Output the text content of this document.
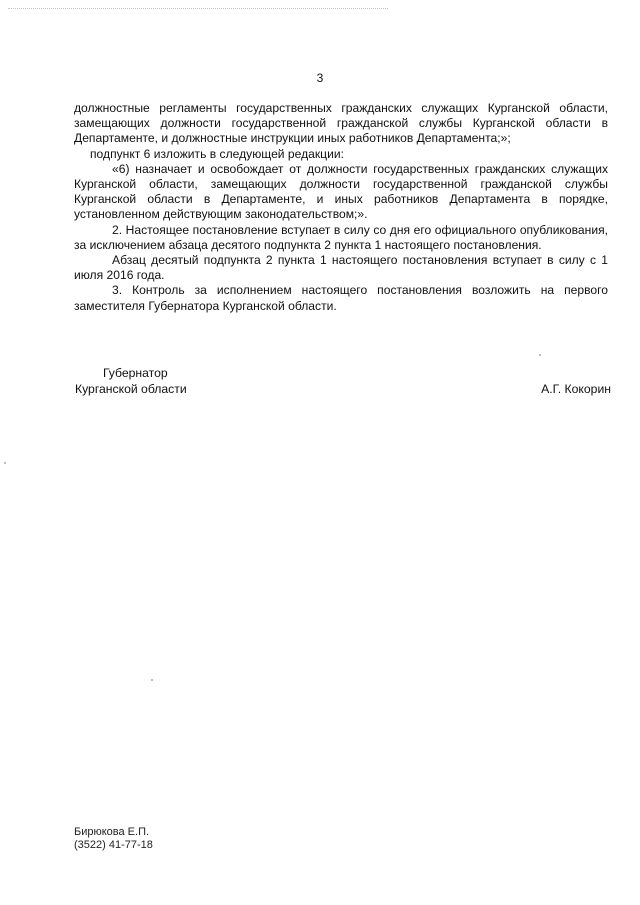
3

должностные регламенты государственных гражданских служащих Курганской области, замещающих должности государственной гражданской службы Курганской области в Департаменте, и должностные инструкции иных работников Департамента;»;

подпункт 6 изложить в следующей редакции:

«6) назначает и освобождает от должности государственных гражданских служащих Курганской области, замещающих должности государственной гражданской службы Курганской области в Департаменте, и иных работников Департамента в порядке, установленном действующим законодательством;».

2. Настоящее постановление вступает в силу со дня его официального опубликования, за исключением абзаца десятого подпункта 2 пункта 1 настоящего постановления.

Абзац десятый подпункта 2 пункта 1 настоящего постановления вступает в силу с 1 июля 2016 года.

3. Контроль за исполнением настоящего постановления возложить на первого заместителя Губернатора Курганской области.

Губернатор
Курганской области	А.Г. Кокорин
Бирюкова Е.П.
(3522) 41-77-18
